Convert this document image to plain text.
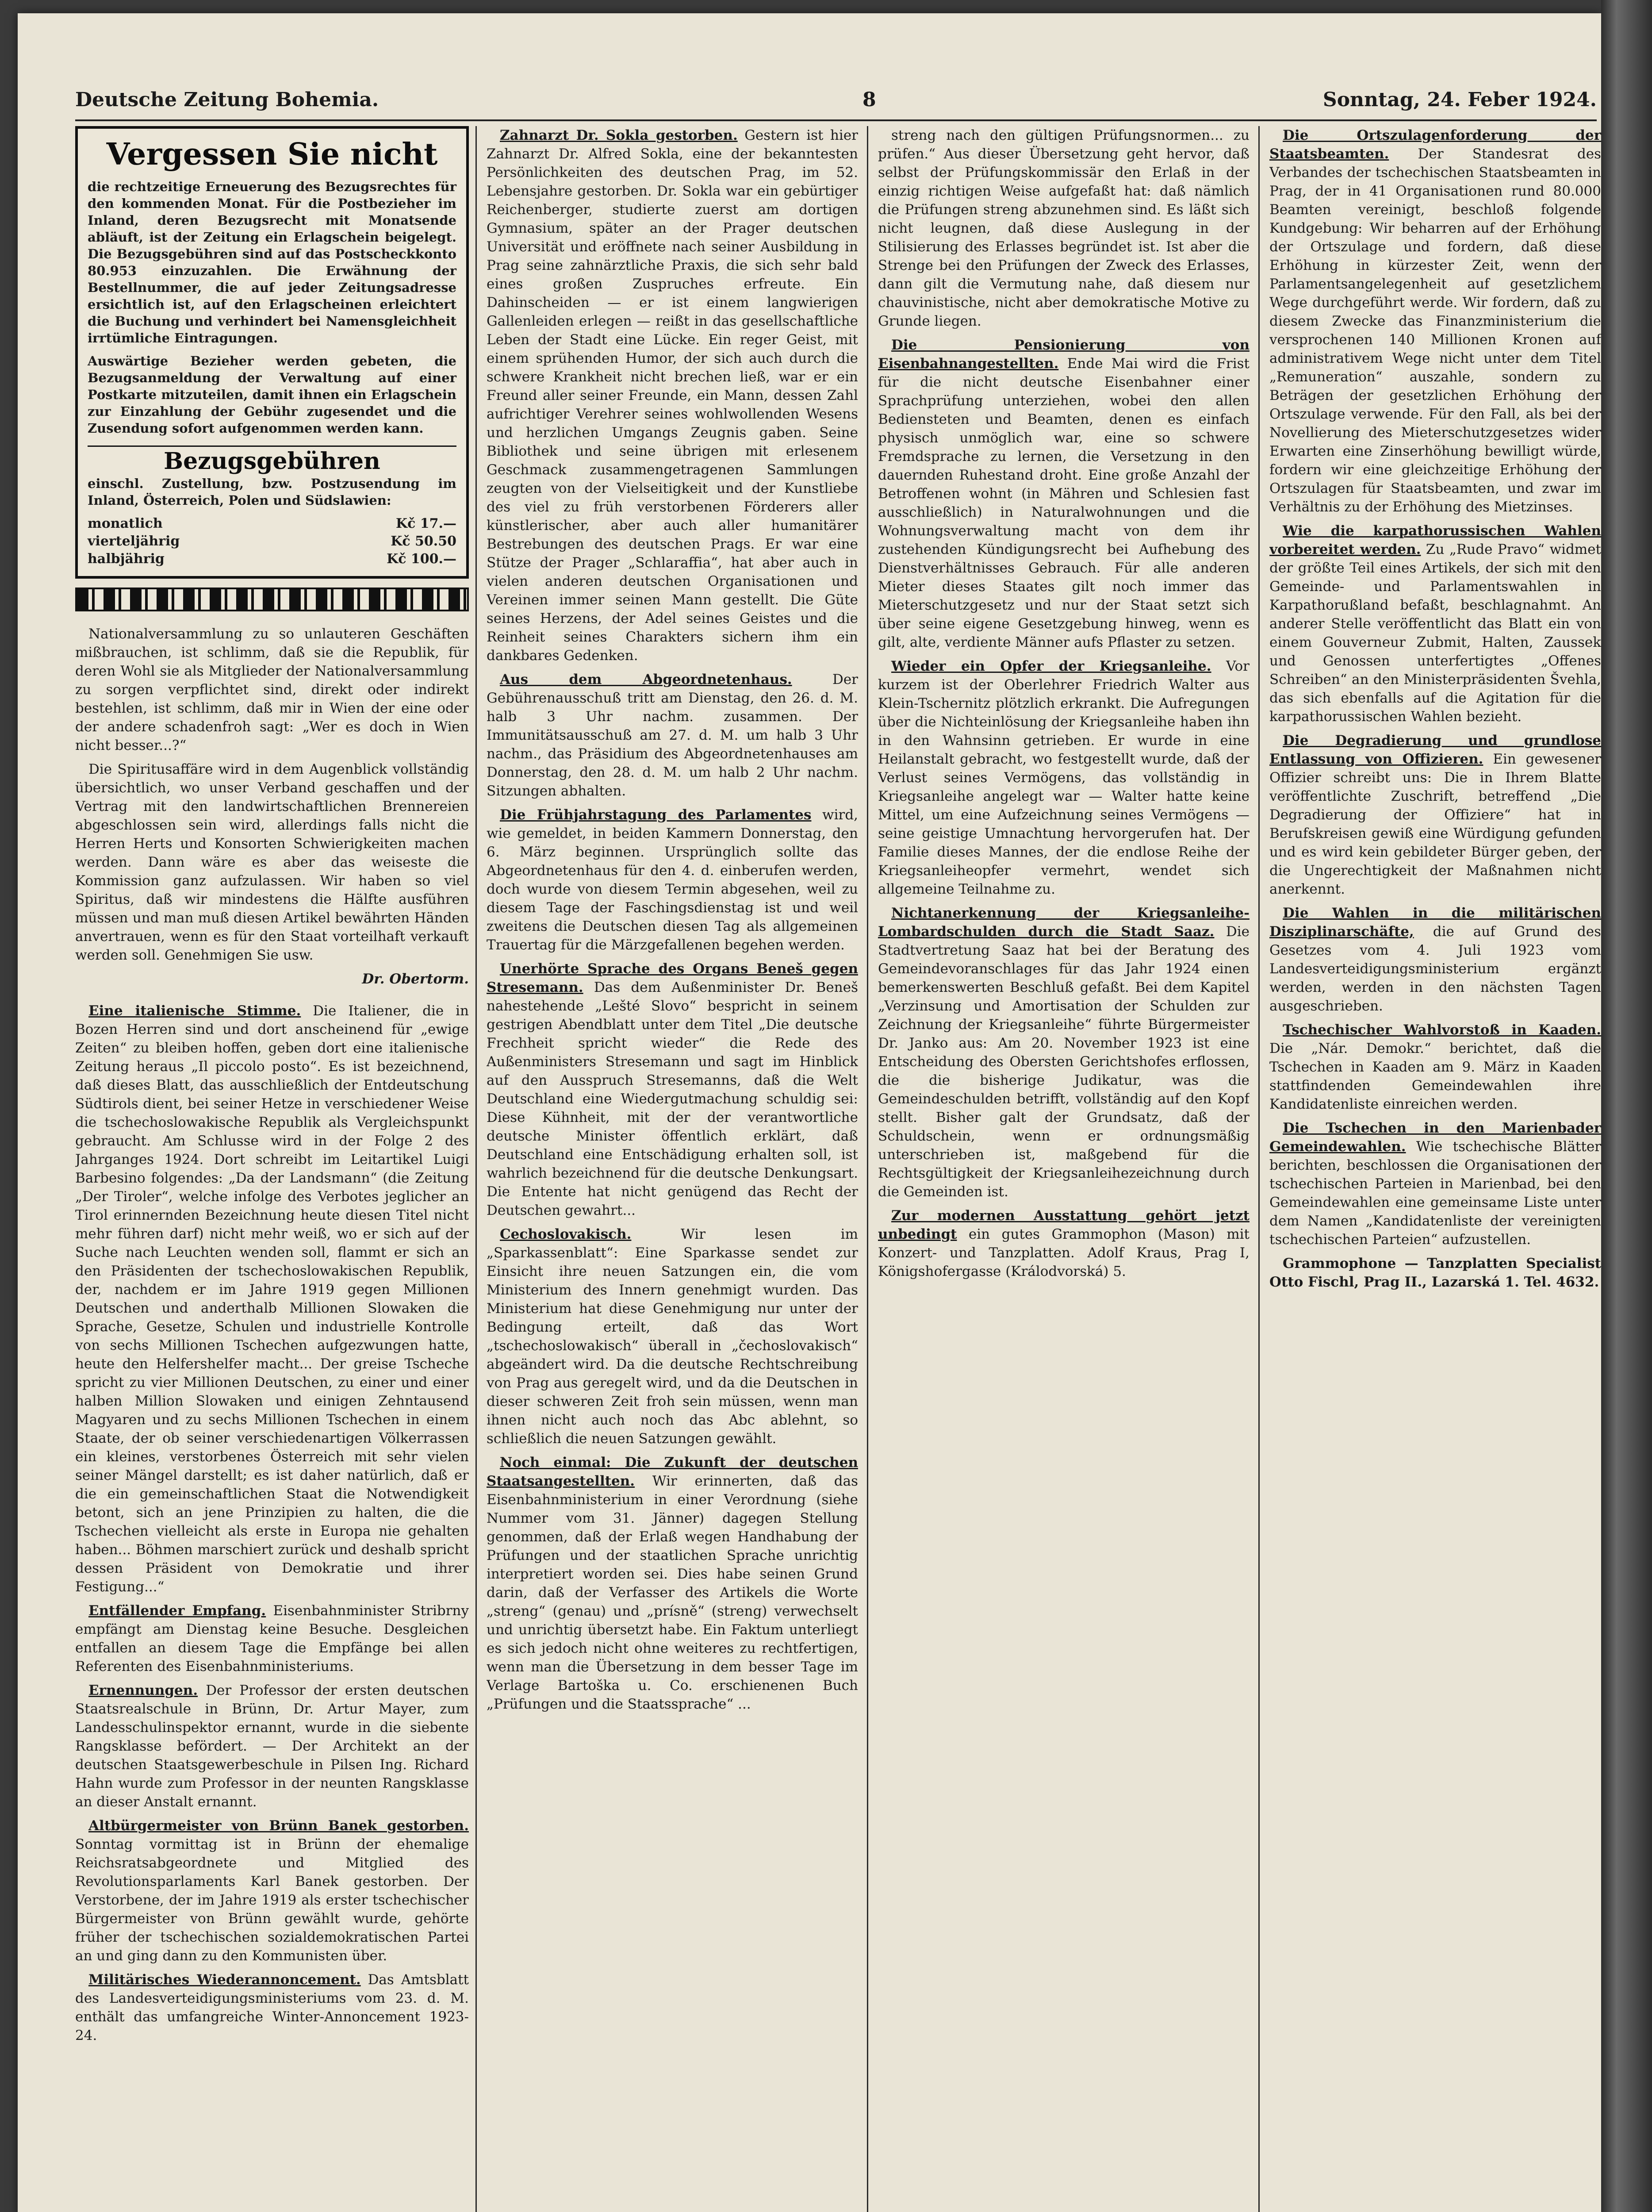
Deutsche Zeitung Bohemia.	8	Sonntag, 24. Feber 1924.
Vergessen Sie nicht

die rechtzeitige Erneuerung des Bezugsrechtes für den kommenden Monat. Für die Postbezieher im Inland, deren Bezugsrecht mit Monatsende abläuft, ist der Zeitung ein Erlagschein beigelegt. Die Bezugsgebühren sind auf das Postscheckkonto 80.953 einzuzahlen. Die Erwähnung der Bestellnummer, die auf jeder Zeitungsadresse ersichtlich ist, auf den Erlagscheinen erleichtert die Buchung und verhindert bei Namensgleichheit irrtümliche Eintragungen.

Auswärtige Bezieher werden gebeten, die Bezugsanmeldung der Verwaltung auf einer Postkarte mitzuteilen, damit ihnen ein Erlagschein zur Einzahlung der Gebühr zugesendet und die Zusendung sofort aufgenommen werden kann.

Bezugsgebühren

einschl. Zustellung, bzw. Postzusendung im Inland, Österreich, Polen und Südslawien:

monatlich	Kč 17.—
vierteljährig	Kč 50.50
halbjährig	Kč 100.—

Nationalversammlung zu so unlauteren Geschäften mißbrauchen, ist schlimm, daß sie die Republik, für deren Wohl sie als Mitglieder der Nationalversammlung zu sorgen verpflichtet sind, direkt oder indirekt bestehlen, ist schlimm, daß mir in Wien der eine oder der andere schadenfroh sagt: „Wer es doch in Wien nicht besser...?“

Die Spiritusaffäre wird in dem Augenblick vollständig übersichtlich, wo unser Verband geschaffen und der Vertrag mit den landwirtschaftlichen Brennereien abgeschlossen sein wird, allerdings falls nicht die Herren Herts und Konsorten Schwierigkeiten machen werden. Dann wäre es aber das weiseste die Kommission ganz aufzulassen. Wir haben so viel Spiritus, daß wir mindestens die Hälfte ausführen müssen und man muß diesen Artikel bewährten Händen anvertrauen, wenn es für den Staat vorteilhaft verkauft werden soll. Genehmigen Sie usw.

Dr. Obertorm.

Eine italienische Stimme. Die Italiener, die in Bozen Herren sind und dort anscheinend für „ewige Zeiten“ zu bleiben hoffen, geben dort eine italienische Zeitung heraus „Il piccolo posto“. Es ist bezeichnend, daß dieses Blatt, das ausschließlich der Entdeutschung Südtirols dient, bei seiner Hetze in verschiedener Weise die tschechoslowakische Republik als Vergleichspunkt gebraucht. Am Schlusse wird in der Folge 2 des Jahrganges 1924. Dort schreibt im Leitartikel Luigi Barbesino folgendes: „Da der Landsmann“ (die Zeitung „Der Tiroler“, welche infolge des Verbotes jeglicher an Tirol erinnernden Bezeichnung heute diesen Titel nicht mehr führen darf) nicht mehr weiß, wo er sich auf der Suche nach Leuchten wenden soll, flammt er sich an den Präsidenten der tschechoslowakischen Republik, der, nachdem er im Jahre 1919 gegen Millionen Deutschen und anderthalb Millionen Slowaken die Sprache, Gesetze, Schulen und industrielle Kontrolle von sechs Millionen Tschechen aufgezwungen hatte, heute den Helfershelfer macht... Der greise Tscheche spricht zu vier Millionen Deutschen, zu einer und einer halben Million Slowaken und einigen Zehntausend Magyaren und zu sechs Millionen Tschechen in einem Staate, der ob seiner verschiedenartigen Völkerrassen ein kleines, verstorbenes Österreich mit sehr vielen seiner Mängel darstellt; es ist daher natürlich, daß er die ein gemeinschaftlichen Staat die Notwendigkeit betont, sich an jene Prinzipien zu halten, die die Tschechen vielleicht als erste in Europa nie gehalten haben... Böhmen marschiert zurück und deshalb spricht dessen Präsident von Demokratie und ihrer Festigung...“

Entfällender Empfang. Eisenbahnminister Stribrny empfängt am Dienstag keine Besuche. Desgleichen entfallen an diesem Tage die Empfänge bei allen Referenten des Eisenbahnministeriums.

Ernennungen. Der Professor der ersten deutschen Staatsrealschule in Brünn, Dr. Artur Mayer, zum Landesschulinspektor ernannt, wurde in die siebente Rangsklasse befördert. — Der Architekt an der deutschen Staatsgewerbeschule in Pilsen Ing. Richard Hahn wurde zum Professor in der neunten Rangsklasse an dieser Anstalt ernannt.

Altbürgermeister von Brünn Banek gestorben. Sonntag vormittag ist in Brünn der ehemalige Reichsratsabgeordnete und Mitglied des Revolutionsparlaments Karl Banek gestorben. Der Verstorbene, der im Jahre 1919 als erster tschechischer Bürgermeister von Brünn gewählt wurde, gehörte früher der tschechischen sozialdemokratischen Partei an und ging dann zu den Kommunisten über.

Militärisches Wiederannoncement. Das Amtsblatt des Landesverteidigungsministeriums vom 23. d. M. enthält das umfangreiche Winter-Annoncement 1923-24.

Zahnarzt Dr. Sokla gestorben. Gestern ist hier Zahnarzt Dr. Alfred Sokla, eine der bekanntesten Persönlichkeiten des deutschen Prag, im 52. Lebensjahre gestorben. Dr. Sokla war ein gebürtiger Reichenberger, studierte zuerst am dortigen Gymnasium, später an der Prager deutschen Universität und eröffnete nach seiner Ausbildung in Prag seine zahnärztliche Praxis, die sich sehr bald eines großen Zuspruches erfreute. Ein Dahinscheiden — er ist einem langwierigen Gallenleiden erlegen — reißt in das gesellschaftliche Leben der Stadt eine Lücke. Ein reger Geist, mit einem sprühenden Humor, der sich auch durch die schwere Krankheit nicht brechen ließ, war er ein Freund aller seiner Freunde, ein Mann, dessen Zahl aufrichtiger Verehrer seines wohlwollenden Wesens und herzlichen Umgangs Zeugnis gaben. Seine Bibliothek und seine übrigen mit erlesenem Geschmack zusammengetragenen Sammlungen zeugten von der Vielseitigkeit und der Kunstliebe des viel zu früh verstorbenen Förderers aller künstlerischer, aber auch aller humanitärer Bestrebungen des deutschen Prags. Er war eine Stütze der Prager „Schlaraffia“, hat aber auch in vielen anderen deutschen Organisationen und Vereinen immer seinen Mann gestellt. Die Güte seines Herzens, der Adel seines Geistes und die Reinheit seines Charakters sichern ihm ein dankbares Gedenken.

Aus dem Abgeordnetenhaus.	Der Gebührenausschuß tritt am Dienstag, den 26. d. M. halb 3 Uhr nachm. zusammen. Der Immunitätsausschuß am 27. d. M. um halb 3 Uhr nachm., das Präsidium des Abgeordnetenhauses am Donnerstag, den 28. d. M. um halb 2 Uhr nachm. Sitzungen abhalten.

Die Frühjahrstagung des Parlamentes wird, wie gemeldet, in beiden Kammern Donnerstag, den 6. März beginnen. Ursprünglich sollte das Abgeordnetenhaus für den 4. d. einberufen werden, doch wurde von diesem Termin abgesehen, weil zu diesem Tage der Faschingsdienstag ist und weil zweitens die Deutschen diesen Tag als allgemeinen Trauertag für die Märzgefallenen begehen werden.

Unerhörte Sprache des Organs Beneš gegen Stresemann. Das dem Außenminister Dr. Beneš nahestehende „Lešté Slovo“ bespricht in seinem gestrigen Abendblatt unter dem Titel „Die deutsche Frechheit spricht wieder“ die Rede des Außenministers Stresemann und sagt im Hinblick auf den Ausspruch Stresemanns, daß die Welt Deutschland eine Wiedergutmachung schuldig sei: Diese Kühnheit, mit der der verantwortliche deutsche Minister öffentlich erklärt, daß Deutschland eine Entschädigung erhalten soll, ist wahrlich bezeichnend für die deutsche Denkungsart. Die Entente hat nicht genügend das Recht der Deutschen gewahrt...

Cechoslovakisch.	Wir lesen im „Sparkassenblatt“: Eine Sparkasse sendet zur Einsicht ihre neuen Satzungen ein, die vom Ministerium des Innern genehmigt wurden. Das Ministerium hat diese Genehmigung nur unter der Bedingung erteilt, daß das Wort „tschechoslowakisch“ überall in „čechoslovakisch“ abgeändert wird. Da die deutsche Rechtschreibung von Prag aus geregelt wird, und da die Deutschen in dieser schweren Zeit froh sein müssen, wenn man ihnen nicht auch noch das Abc ablehnt, so schließlich die neuen Satzungen gewählt.

Noch einmal: Die Zukunft der deutschen Staatsangestellten. Wir erinnerten, daß das Eisenbahnministerium in einer Verordnung (siehe Nummer vom 31. Jänner) dagegen Stellung genommen, daß der Erlaß wegen Handhabung der Prüfungen und der staatlichen Sprache unrichtig interpretiert worden sei. Dies habe seinen Grund darin, daß der Verfasser des Artikels die Worte „streng“ (genau) und „prísně“ (streng) verwechselt und unrichtig übersetzt habe. Ein Faktum unterliegt es sich jedoch nicht ohne weiteres zu rechtfertigen, wenn man die Übersetzung in dem besser Tage im Verlage Bartoška u. Co. erschienenen Buch „Prüfungen und die Staatssprache“ ...

streng nach den gültigen Prüfungsnormen... zu prüfen.“ Aus dieser Übersetzung geht hervor, daß selbst der Prüfungskommissär den Erlaß in der einzig richtigen Weise aufgefaßt hat: daß nämlich die Prüfungen streng abzunehmen sind. Es läßt sich nicht leugnen, daß diese Auslegung in der Stilisierung des Erlasses begründet ist. Ist aber die Strenge bei den Prüfungen der Zweck des Erlasses, dann gilt die Vermutung nahe, daß diesem nur chauvinistische, nicht aber demokratische Motive zu Grunde liegen.

Die Pensionierung von Eisenbahnangestellten. Ende Mai wird die Frist für die nicht deutsche Eisenbahner einer Sprachprüfung unterziehen, wobei den allen Bediensteten und Beamten, denen es einfach physisch unmöglich war, eine so schwere Fremdsprache zu lernen, die Versetzung in den dauernden Ruhestand droht. Eine große Anzahl der Betroffenen wohnt (in Mähren und Schlesien fast ausschließlich) in Naturalwohnungen und die Wohnungsverwaltung macht von dem ihr zustehenden Kündigungsrecht bei Aufhebung des Dienstverhältnisses Gebrauch. Für alle anderen Mieter dieses Staates gilt noch immer das Mieterschutzgesetz und nur der Staat setzt sich über seine eigene Gesetzgebung hinweg, wenn es gilt, alte, verdiente Männer aufs Pflaster zu setzen.

Wieder ein Opfer der Kriegsanleihe. Vor kurzem ist der Oberlehrer Friedrich Walter aus Klein-Tschernitz plötzlich erkrankt. Die Aufregungen über die Nichteinlösung der Kriegsanleihe haben ihn in den Wahnsinn getrieben. Er wurde in eine Heilanstalt gebracht, wo festgestellt wurde, daß der Verlust seines Vermögens, das vollständig in Kriegsanleihe angelegt war — Walter hatte keine Mittel, um eine Aufzeichnung seines Vermögens — seine geistige Umnachtung hervorgerufen hat. Der Familie dieses Mannes, der die endlose Reihe der Kriegsanleiheopfer vermehrt, wendet sich allgemeine Teilnahme zu.

Nichtanerkennung der Kriegsanleihe-Lombardschulden durch die Stadt Saaz. Die Stadtvertretung Saaz hat bei der Beratung des Gemeindevoranschlages für das Jahr 1924 einen bemerkenswerten Beschluß gefaßt. Bei dem Kapitel „Verzinsung und Amortisation der Schulden zur Zeichnung der Kriegsanleihe“ führte Bürgermeister Dr. Janko aus: Am 20. November 1923 ist eine Entscheidung des Obersten Gerichtshofes erflossen, die die bisherige Judikatur, was die Gemeindeschulden betrifft, vollständig auf den Kopf stellt. Bisher galt der Grundsatz, daß der Schuldschein, wenn er ordnungsmäßig unterschrieben ist, maßgebend für die Rechtsgültigkeit der Kriegsanleihezeichnung durch die Gemeinden ist.

Zur modernen Ausstattung gehört jetzt unbedingt ein gutes Grammophon (Mason) mit Konzert- und Tanzplatten. Adolf Kraus, Prag I, Königshofergasse (Králodvorská) 5.

Die Ortszulagenforderung der Staatsbeamten. Der Standesrat des Verbandes der tschechischen Staatsbeamten in Prag, der in 41 Organisationen rund 80.000 Beamten vereinigt, beschloß folgende Kundgebung: Wir beharren auf der Erhöhung der Ortszulage und fordern, daß diese Erhöhung in kürzester Zeit, wenn der Parlamentsangelegenheit auf gesetzlichem Wege durchgeführt werde. Wir fordern, daß zu diesem Zwecke das Finanzministerium die versprochenen 140 Millionen Kronen auf administrativem Wege nicht unter dem Titel „Remuneration“ auszahle, sondern zu Beträgen der gesetzlichen Erhöhung der Ortszulage verwende. Für den Fall, als bei der Novellierung des Mieterschutzgesetzes wider Erwarten eine Zinserhöhung bewilligt würde, fordern wir eine gleichzeitige Erhöhung der Ortszulagen für Staatsbeamten, und zwar im Verhältnis zu der Erhöhung des Mietzinses.

Wie die karpathorussischen Wahlen vorbereitet werden. Zu „Rude Pravo“ widmet der größte Teil eines Artikels, der sich mit den Gemeinde- und Parlamentswahlen in Karpathorußland befaßt, beschlagnahmt. An anderer Stelle veröffentlicht das Blatt ein von einem Gouverneur Zubmit, Halten, Zaussek und Genossen unterfertigtes „Offenes Schreiben“ an den Ministerpräsidenten Švehla, das sich ebenfalls auf die Agitation für die karpathorussischen Wahlen bezieht.

Die Degradierung und grundlose Entlassung von Offizieren. Ein gewesener Offizier schreibt uns: Die in Ihrem Blatte veröffentlichte Zuschrift, betreffend „Die Degradierung der Offiziere“ hat in Berufskreisen gewiß eine Würdigung gefunden und es wird kein gebildeter Bürger geben, der die Ungerechtigkeit der Maßnahmen nicht anerkennt.

Die Wahlen in die militärischen Disziplinarschäfte, die auf Grund des Gesetzes vom 4. Juli 1923 vom Landesverteidigungsministerium ergänzt werden, werden in den nächsten Tagen ausgeschrieben.

Tschechischer Wahlvorstoß in Kaaden. Die „Nár. Demokr.“ berichtet, daß die Tschechen in Kaaden am 9. März in Kaaden stattfindenden Gemeindewahlen ihre Kandidatenliste einreichen werden.

Die Tschechen in den Marienbader Gemeindewahlen. Wie tschechische Blätter berichten, beschlossen die Organisationen der tschechischen Parteien in Marienbad, bei den Gemeindewahlen eine gemeinsame Liste unter dem Namen „Kandidatenliste der vereinigten tschechischen Parteien“ aufzustellen.

Grammophone — Tanzplatten Specialist Otto Fischl, Prag II., Lazarská 1. Tel. 4632.
